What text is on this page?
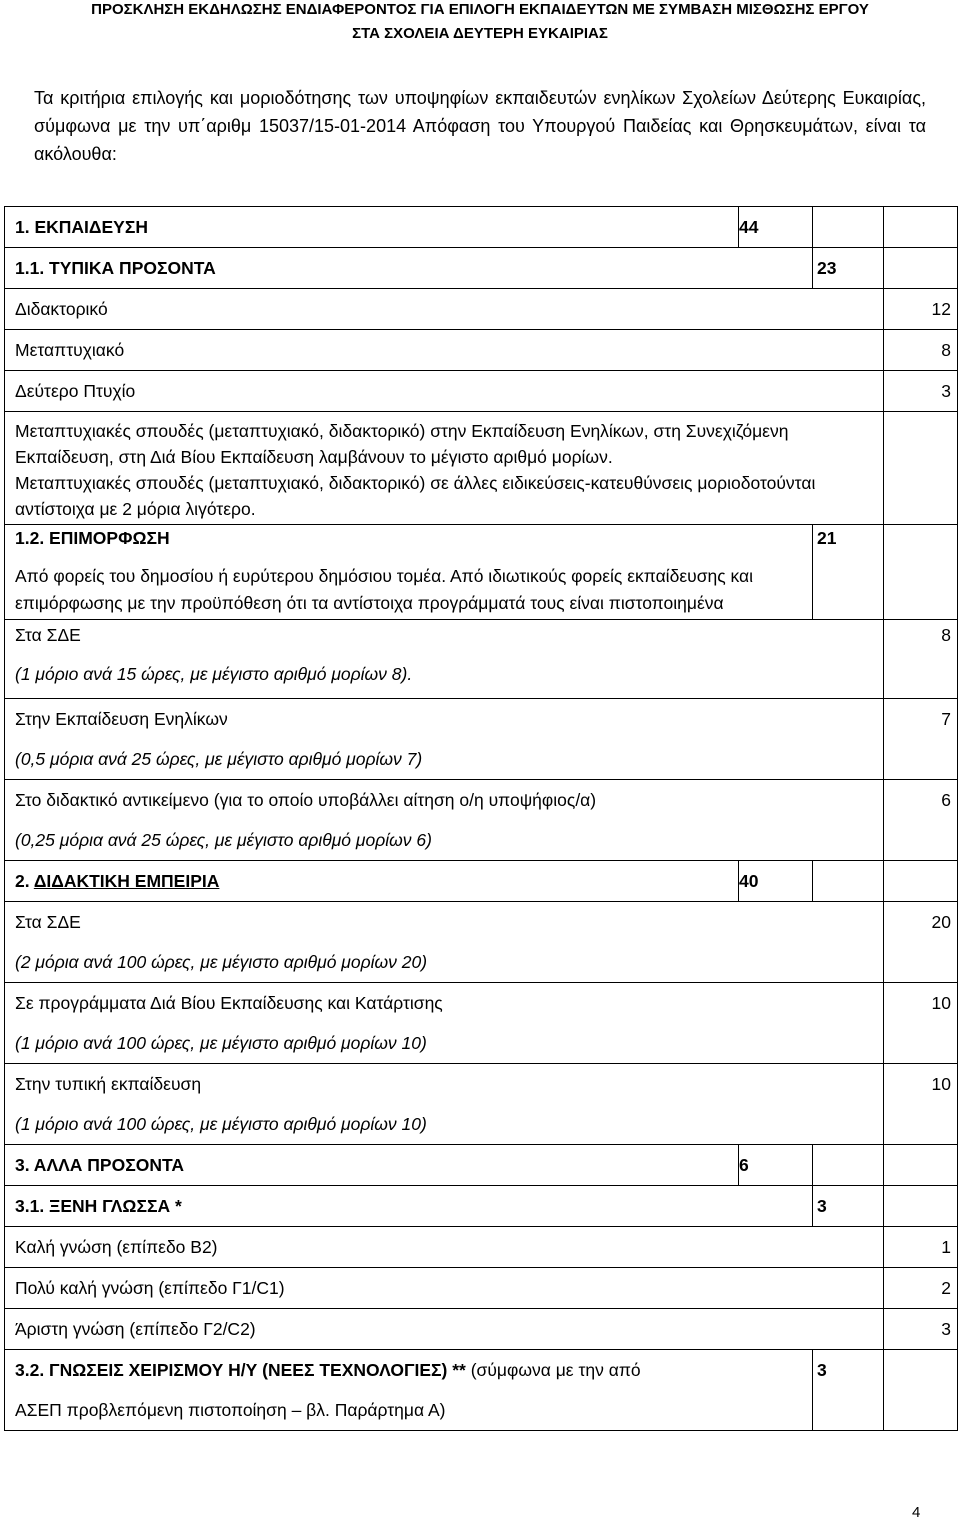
ΠΡΟΣΚΛΗΣΗ ΕΚΔΗΛΩΣΗΣ ΕΝΔΙΑΦΕΡΟΝΤΟΣ ΓΙΑ ΕΠΙΛΟΓΗ ΕΚΠΑΙΔΕΥΤΩΝ ΜΕ ΣΥΜΒΑΣΗ ΜΙΣΘΩΣΗΣ ΕΡΓΟΥ
ΣΤΑ ΣΧΟΛΕΙΑ ΔΕΥΤΕΡΗ ΕΥΚΑΙΡΙΑΣ
Τα κριτήρια επιλογής και μοριοδότησης των υποψηφίων εκπαιδευτών ενηλίκων Σχολείων Δεύτερης Ευκαιρίας, σύμφωνα με την υπ΄αριθμ 15037/15-01-2014 Απόφαση του Υπουργού Παιδείας και Θρησκευμάτων, είναι τα ακόλουθα:
1. ΕΚΠΑΙΔΕΥΣΗ	44		
1.1. ΤΥΠΙΚΑ ΠΡΟΣΟΝΤΑ		23	
Διδακτορικό			12
Μεταπτυχιακό			8
Δεύτερο Πτυχίο			3

Μεταπτυχιακές σπουδές (μεταπτυχιακό, διδακτορικό) στην Εκπαίδευση Ενηλίκων, στη Συνεχιζόμενη Εκπαίδευση, στη Διά Βίου Εκπαίδευση λαμβάνουν το μέγιστο αριθμό μορίων.
Μεταπτυχιακές σπουδές (μεταπτυχιακό, διδακτορικό) σε άλλες ειδικεύσεις-κατευθύνσεις μοριοδοτούνται αντίστοιχα με 2 μόρια λιγότερο.			

1.2. ΕΠΙΜΟΡΦΩΣΗ
Από φορείς του δημοσίου ή ευρύτερου δημόσιου τομέα. Από ιδιωτικούς φορείς εκπαίδευσης και επιμόρφωσης με την προϋπόθεση ότι τα αντίστοιχα προγράμματά τους είναι πιστοποιημένα		21	

Στα ΣΔΕ
(1 μόριο ανά 15 ώρες, με μέγιστο αριθμό μορίων 8).			8

Στην Εκπαίδευση Ενηλίκων
(0,5 μόρια ανά 25 ώρες, με μέγιστο αριθμό μορίων 7)			7

Στο διδακτικό αντικείμενο (για το οποίο υποβάλλει αίτηση ο/η υποψήφιος/α)
(0,25 μόρια ανά 25 ώρες, με μέγιστο αριθμό μορίων 6)			6
2. ΔΙΔΑΚΤΙΚΗ ΕΜΠΕΙΡΙΑ	40		

Στα ΣΔΕ
(2 μόρια ανά 100 ώρες, με μέγιστο αριθμό μορίων 20)			20

Σε προγράμματα Διά Βίου Εκπαίδευσης και Κατάρτισης
(1 μόριο ανά 100 ώρες, με μέγιστο αριθμό μορίων 10)			10

Στην τυπική εκπαίδευση
(1 μόριο ανά 100 ώρες, με μέγιστο αριθμό μορίων 10)			10
3. ΑΛΛΑ ΠΡΟΣΟΝΤΑ	6		
3.1. ΞΕΝΗ ΓΛΩΣΣΑ *		3	
Καλή γνώση (επίπεδο Β2)			1
Πολύ καλή γνώση (επίπεδο Γ1/C1)			2
Άριστη γνώση (επίπεδο Γ2/C2)			3

3.2. ΓΝΩΣΕΙΣ ΧΕΙΡΙΣΜΟΥ Η/Υ (ΝΕΕΣ ΤΕΧΝΟΛΟΓΙΕΣ) ** (σύμφωνα με την από
ΑΣΕΠ προβλεπόμενη πιστοποίηση – βλ. Παράρτημα Α)		3	
4
